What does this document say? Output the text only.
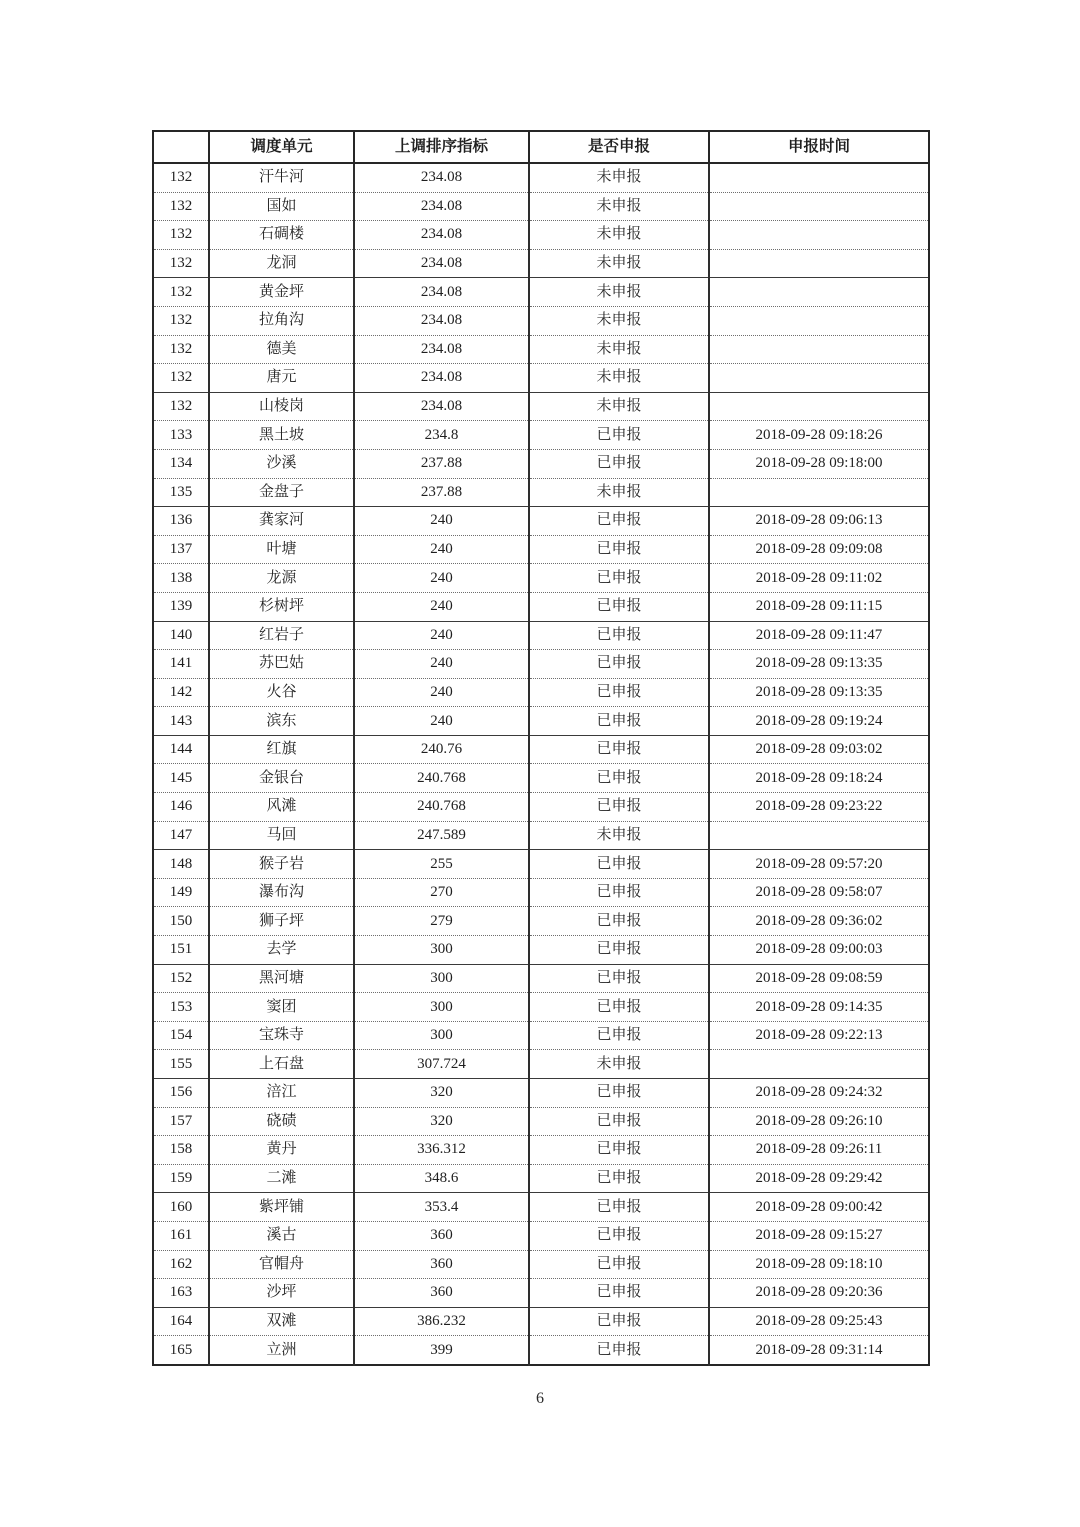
	调度单元	上调排序指标	是否申报	申报时间
132	汗牛河	234.08	未申报	
132	国如	234.08	未申报	
132	石碉楼	234.08	未申报	
132	龙洞	234.08	未申报	
132	黄金坪	234.08	未申报	
132	拉角沟	234.08	未申报	
132	德美	234.08	未申报	
132	唐元	234.08	未申报	
132	山棱岗	234.08	未申报	
133	黑土坡	234.8	已申报	2018-09-28 09:18:26
134	沙溪	237.88	已申报	2018-09-28 09:18:00
135	金盘子	237.88	未申报	
136	龚家河	240	已申报	2018-09-28 09:06:13
137	叶塘	240	已申报	2018-09-28 09:09:08
138	龙源	240	已申报	2018-09-28 09:11:02
139	杉树坪	240	已申报	2018-09-28 09:11:15
140	红岩子	240	已申报	2018-09-28 09:11:47
141	苏巴姑	240	已申报	2018-09-28 09:13:35
142	火谷	240	已申报	2018-09-28 09:13:35
143	滨东	240	已申报	2018-09-28 09:19:24
144	红旗	240.76	已申报	2018-09-28 09:03:02
145	金银台	240.768	已申报	2018-09-28 09:18:24
146	风滩	240.768	已申报	2018-09-28 09:23:22
147	马回	247.589	未申报	
148	猴子岩	255	已申报	2018-09-28 09:57:20
149	瀑布沟	270	已申报	2018-09-28 09:58:07
150	狮子坪	279	已申报	2018-09-28 09:36:02
151	去学	300	已申报	2018-09-28 09:00:03
152	黑河塘	300	已申报	2018-09-28 09:08:59
153	窦团	300	已申报	2018-09-28 09:14:35
154	宝珠寺	300	已申报	2018-09-28 09:22:13
155	上石盘	307.724	未申报	
156	涪江	320	已申报	2018-09-28 09:24:32
157	硗碛	320	已申报	2018-09-28 09:26:10
158	黄丹	336.312	已申报	2018-09-28 09:26:11
159	二滩	348.6	已申报	2018-09-28 09:29:42
160	紫坪铺	353.4	已申报	2018-09-28 09:00:42
161	溪古	360	已申报	2018-09-28 09:15:27
162	官帽舟	360	已申报	2018-09-28 09:18:10
163	沙坪	360	已申报	2018-09-28 09:20:36
164	双滩	386.232	已申报	2018-09-28 09:25:43
165	立洲	399	已申报	2018-09-28 09:31:14
6
